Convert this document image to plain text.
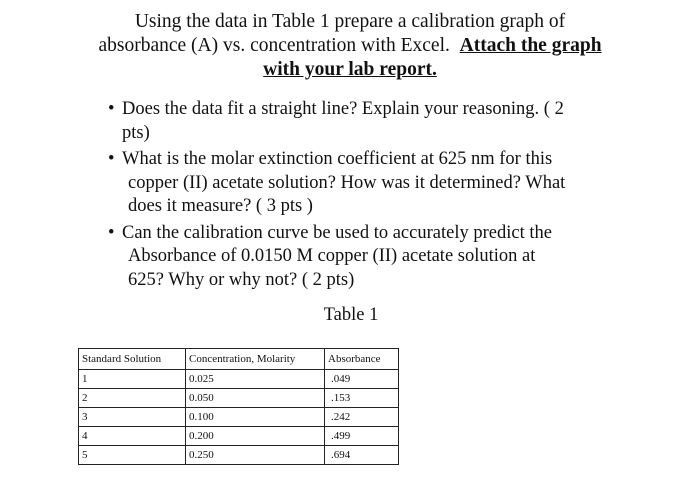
Using the data in Table 1 prepare a calibration graph of
absorbance (A) vs. concentration with Excel. Attach the graph
with your lab report.
• Does the data fit a straight line? Explain your reasoning. ( 2
pts)
• What is the molar extinction coefficient at 625 nm for this
copper (II) acetate solution? How was it determined? What
does it measure? ( 3 pts )
• Can the calibration curve be used to accurately predict the
Absorbance of 0.0150 M copper (II) acetate solution at
625? Why or why not? ( 2 pts)
Table 1
Standard Solution	Concentration, Molarity	Absorbance
1	0.025	.049
2	0.050	.153
3	0.100	.242
4	0.200	.499
5	0.250	.694
